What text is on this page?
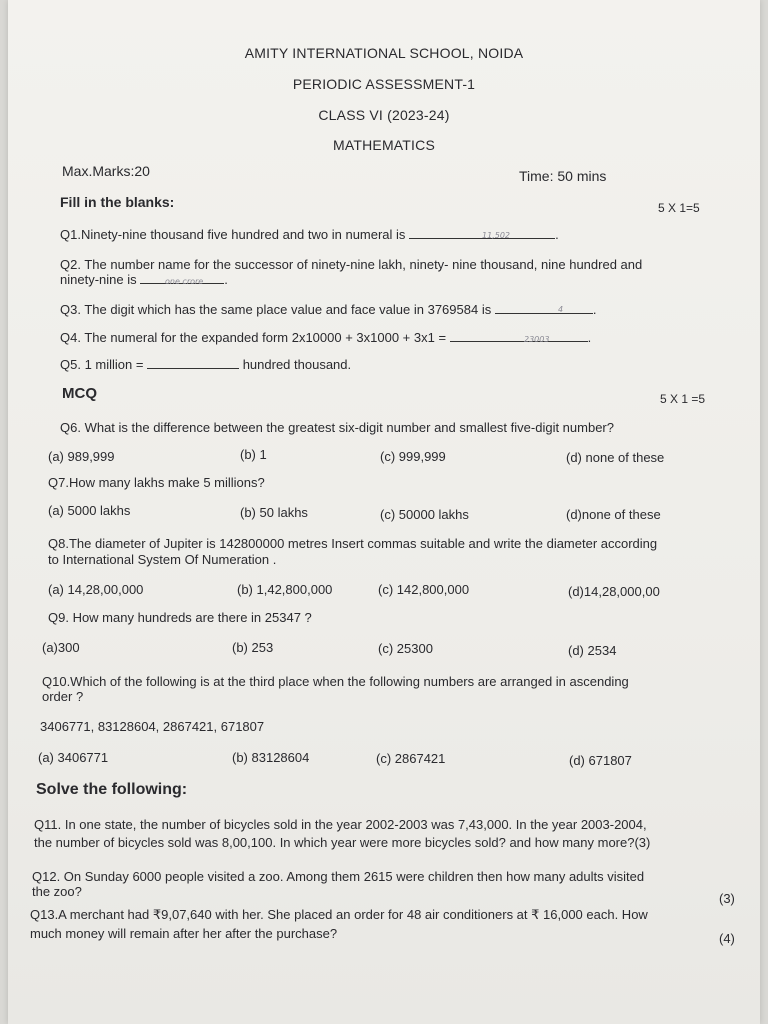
AMITY INTERNATIONAL SCHOOL, NOIDA
PERIODIC ASSESSMENT-1
CLASS VI (2023-24)
MATHEMATICS
Max.Marks:20	Time: 50 mins
Fill in the blanks:	5 X 1=5
Q1.Ninety-nine thousand five hundred and two in numeral is	.
11,502
Q2. The number name for the successor of ninety-nine lakh, ninety- nine thousand, nine hundred and
ninety-nine is	.
one crore
Q3. The digit which has the same place value and face value in 3769584 is	.
4
Q4. The numeral for the expanded form 2x10000 + 3x1000 + 3x1 =	.
23003
Q5. 1 million =	hundred thousand.
MCQ	5 X 1 =5
Q6. What is the difference between the greatest six-digit number and smallest five-digit number?
(a) 989,999	(b) 1	(c) 999,999	(d) none of these
Q7.How many lakhs make 5 millions?
(a) 5000 lakhs	(b) 50 lakhs	(c) 50000 lakhs	(d)none of these
Q8.The diameter of Jupiter is 142800000 metres Insert commas suitable and write the diameter according
to International System Of Numeration .
(a) 14,28,00,000	(b) 1,42,800,000	(c) 142,800,000	(d)14,28,000,00
Q9. How many hundreds are there in 25347 ?
(a)300	(b) 253	(c) 25300	(d) 2534
Q10.Which of the following is at the third place when the following numbers are arranged in ascending
order ?
3406771, 83128604, 2867421, 671807
(a) 3406771	(b) 83128604	(c) 2867421	(d) 671807
Solve the following:
Q11. In one state, the number of bicycles sold in the year 2002-2003 was 7,43,000. In the year 2003-2004,
the number of bicycles sold was 8,00,100. In which year were more bicycles sold? and how many more?(3)
Q12. On Sunday 6000 people visited a zoo. Among them 2615 were children then how many adults visited
the zoo?	(3)
Q13.A merchant had ₹9,07,640 with her. She placed an order for 48 air conditioners at ₹ 16,000 each. How
much money will remain after her after the purchase?	(4)
